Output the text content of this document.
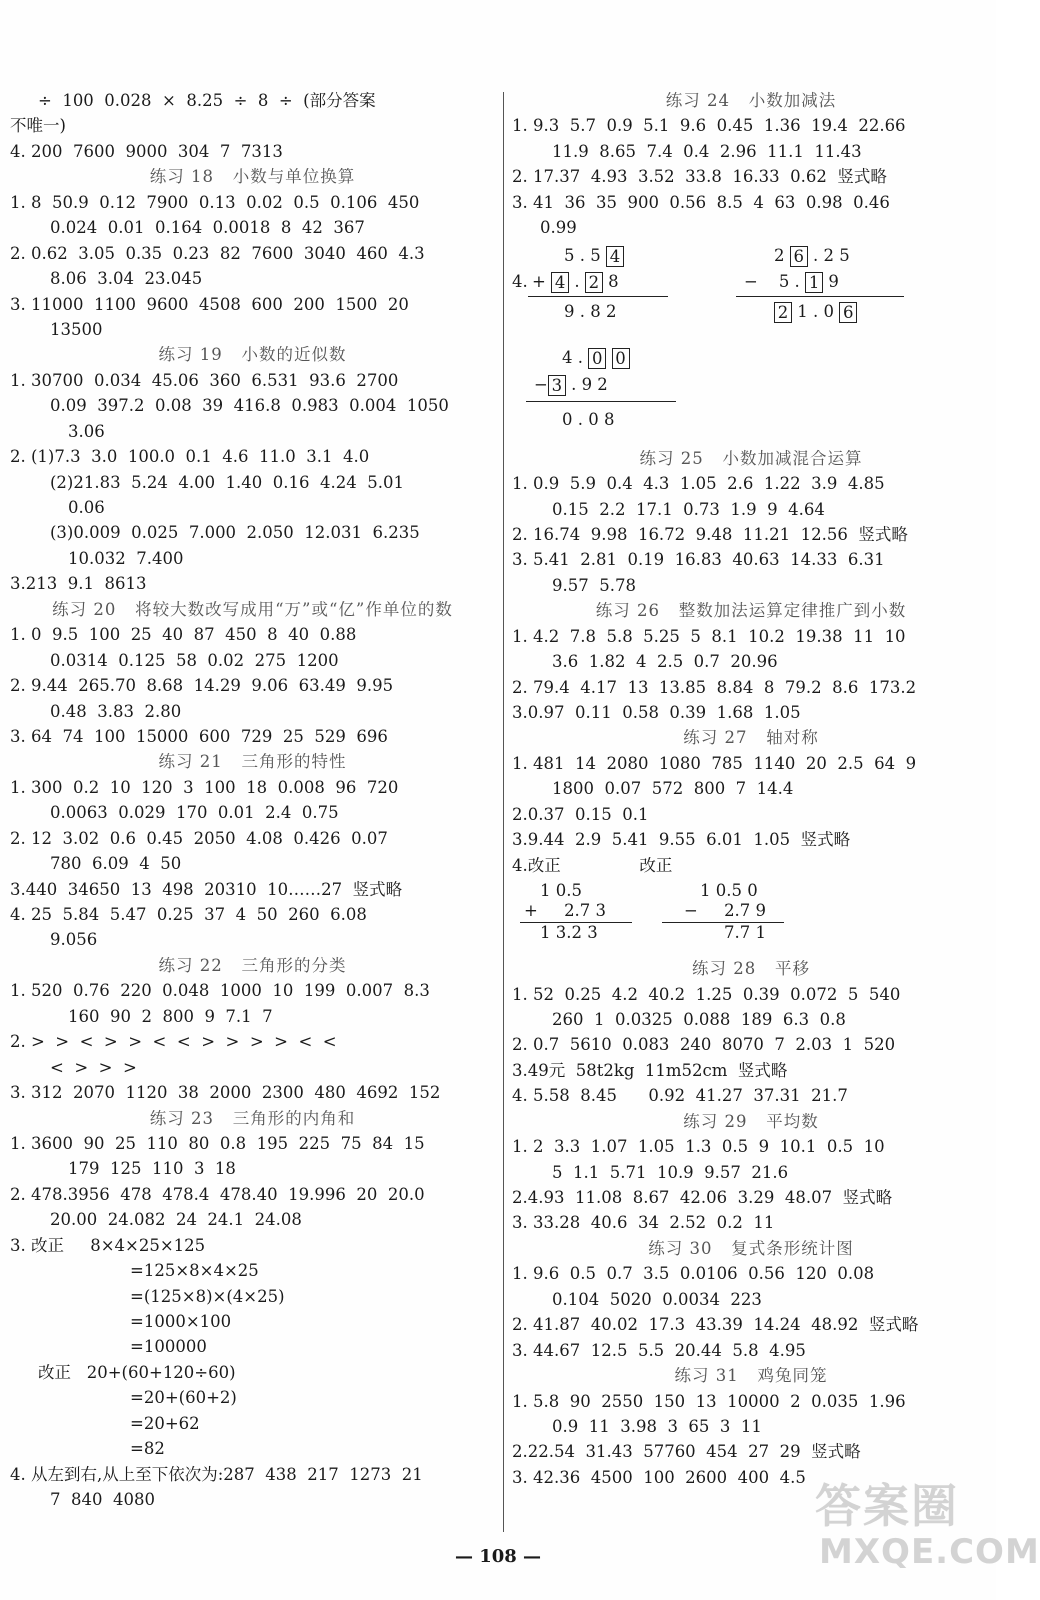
÷  100  0.028  ×  8.25  ÷  8  ÷  (部分答案
不唯一)
4. 200  7600  9000  304  7  7313
练习 18   小数与单位换算
1. 8  50.9  0.12  7900  0.13  0.02  0.5  0.106  450
0.024  0.01  0.164  0.0018  8  42  367
2. 0.62  3.05  0.35  0.23  82  7600  3040  460  4.3
8.06  3.04  23.045
3. 11000  1100  9600  4508  600  200  1500  20
13500
练习 19   小数的近似数
1. 30700  0.034  45.06  360  6.531  93.6  2700
0.09  397.2  0.08  39  416.8  0.983  0.004  1050
3.06
2. (1)7.3  3.0  100.0  0.1  4.6  11.0  3.1  4.0
(2)21.83  5.24  4.00  1.40  0.16  4.24  5.01
0.06
(3)0.009  0.025  7.000  2.050  12.031  6.235
10.032  7.400
3.213  9.1  8613
练习 20   将较大数改写成用“万”或“亿”作单位的数
1. 0  9.5  100  25  40  87  450  8  40  0.88
0.0314  0.125  58  0.02  275  1200
2. 9.44  265.70  8.68  14.29  9.06  63.49  9.95
0.48  3.83  2.80
3. 64  74  100  15000  600  729  25  529  696
练习 21   三角形的特性
1. 300  0.2  10  120  3  100  18  0.008  96  720
0.0063  0.029  170  0.01  2.4  0.75
2. 12  3.02  0.6  0.45  2050  4.08  0.426  0.07
780  6.09  4  50
3.440  34650  13  498  20310  10……27  竖式略
4. 25  5.84  5.47  0.25  37  4  50  260  6.08
9.056
练习 22   三角形的分类
1. 520  0.76  220  0.048  1000  10  199  0.007  8.3
160  90  2  800  9  7.1  7
2. >  >  <  >  >  <  <  >  >  >  >  <  <
<  >  >  >
3. 312  2070  1120  38  2000  2300  480  4692  152
练习 23   三角形的内角和
1. 3600  90  25  110  80  0.8  195  225  75  84  15
179  125  110  3  18
2. 478.3956  478  478.4  478.40  19.996  20  20.0
20.00  24.082  24  24.1  24.08
3. 改正     8×4×25×125
=125×8×4×25
=(125×8)×(4×25)
=1000×100
=100000
改正   20+(60+120÷60)
=20+(60+2)
=20+62
=82
4. 从左到右,从上至下依次为:287  438  217  1273  21
7  840  4080
练习 24   小数加减法
1. 9.3  5.7  0.9  5.1  9.6  0.45  1.36  19.4  22.66
11.9  8.65  7.4  0.4  2.96  11.1  11.43
2. 17.37  4.93  3.52  33.8  16.33  0.62  竖式略
3. 41  36  35  900  0.56  8.5  4  63  0.98  0.46
0.99
4.
5 . 5 4
+ 4 . 2 8
9 . 8 2
2 6 . 2 5
− 5 . 1 9
2 1 . 0 6
4 . 0 0
− 3 . 9 2
0 . 0 8
练习 25   小数加减混合运算
1. 0.9  5.9  0.4  4.3  1.05  2.6  1.22  3.9  4.85
0.15  2.2  17.1  0.73  1.9  9  4.64
2. 16.74  9.98  16.72  9.48  11.21  12.56  竖式略
3. 5.41  2.81  0.19  16.83  40.63  14.33  6.31
9.57  5.78
练习 26   整数加法运算定律推广到小数
1. 4.2  7.8  5.8  5.25  5  8.1  10.2  19.38  11  10
3.6  1.82  4  2.5  0.7  20.96
2. 79.4  4.17  13  13.85  8.84  8  79.2  8.6  173.2
3.0.97  0.11  0.58  0.39  1.68  1.05
练习 27   轴对称
1. 481  14  2080  1080  785  1140  20  2.5  64  9
1800  0.07  572  800  7  14.4
2.0.37  0.15  0.1
3.9.44  2.9  5.41  9.55  6.01  1.05  竖式略
4.改正               改正
1 0.5
+ 2.7 3
1 3.2 3
1 0.5 0
− 2.7 9
7.7 1
练习 28   平移
1. 52  0.25  4.2  40.2  1.25  0.39  0.072  5  540
260  1  0.0325  0.088  189  6.3  0.8
2. 0.7  5610  0.083  240  8070  7  2.03  1  520
3.49元  58t2kg  11m52cm  竖式略
4. 5.58  8.45      0.92  41.27  37.31  21.7
练习 29   平均数
1. 2  3.3  1.07  1.05  1.3  0.5  9  10.1  0.5  10
5  1.1  5.71  10.9  9.57  21.6
2.4.93  11.08  8.67  42.06  3.29  48.07  竖式略
3. 33.28  40.6  34  2.52  0.2  11
练习 30   复式条形统计图
1. 9.6  0.5  0.7  3.5  0.0106  0.56  120  0.08
0.104  5020  0.0034  223
2. 41.87  40.02  17.3  43.39  14.24  48.92  竖式略
3. 44.67  12.5  5.5  20.44  5.8  4.95
练习 31   鸡兔同笼
1. 5.8  90  2550  150  13  10000  2  0.035  1.96
0.9  11  3.98  3  65  3  11
2.22.54  31.43  57760  454  27  29  竖式略
3. 42.36  4500  100  2600  400  4.5
— 108 —
答案圈
MXQE.COM
